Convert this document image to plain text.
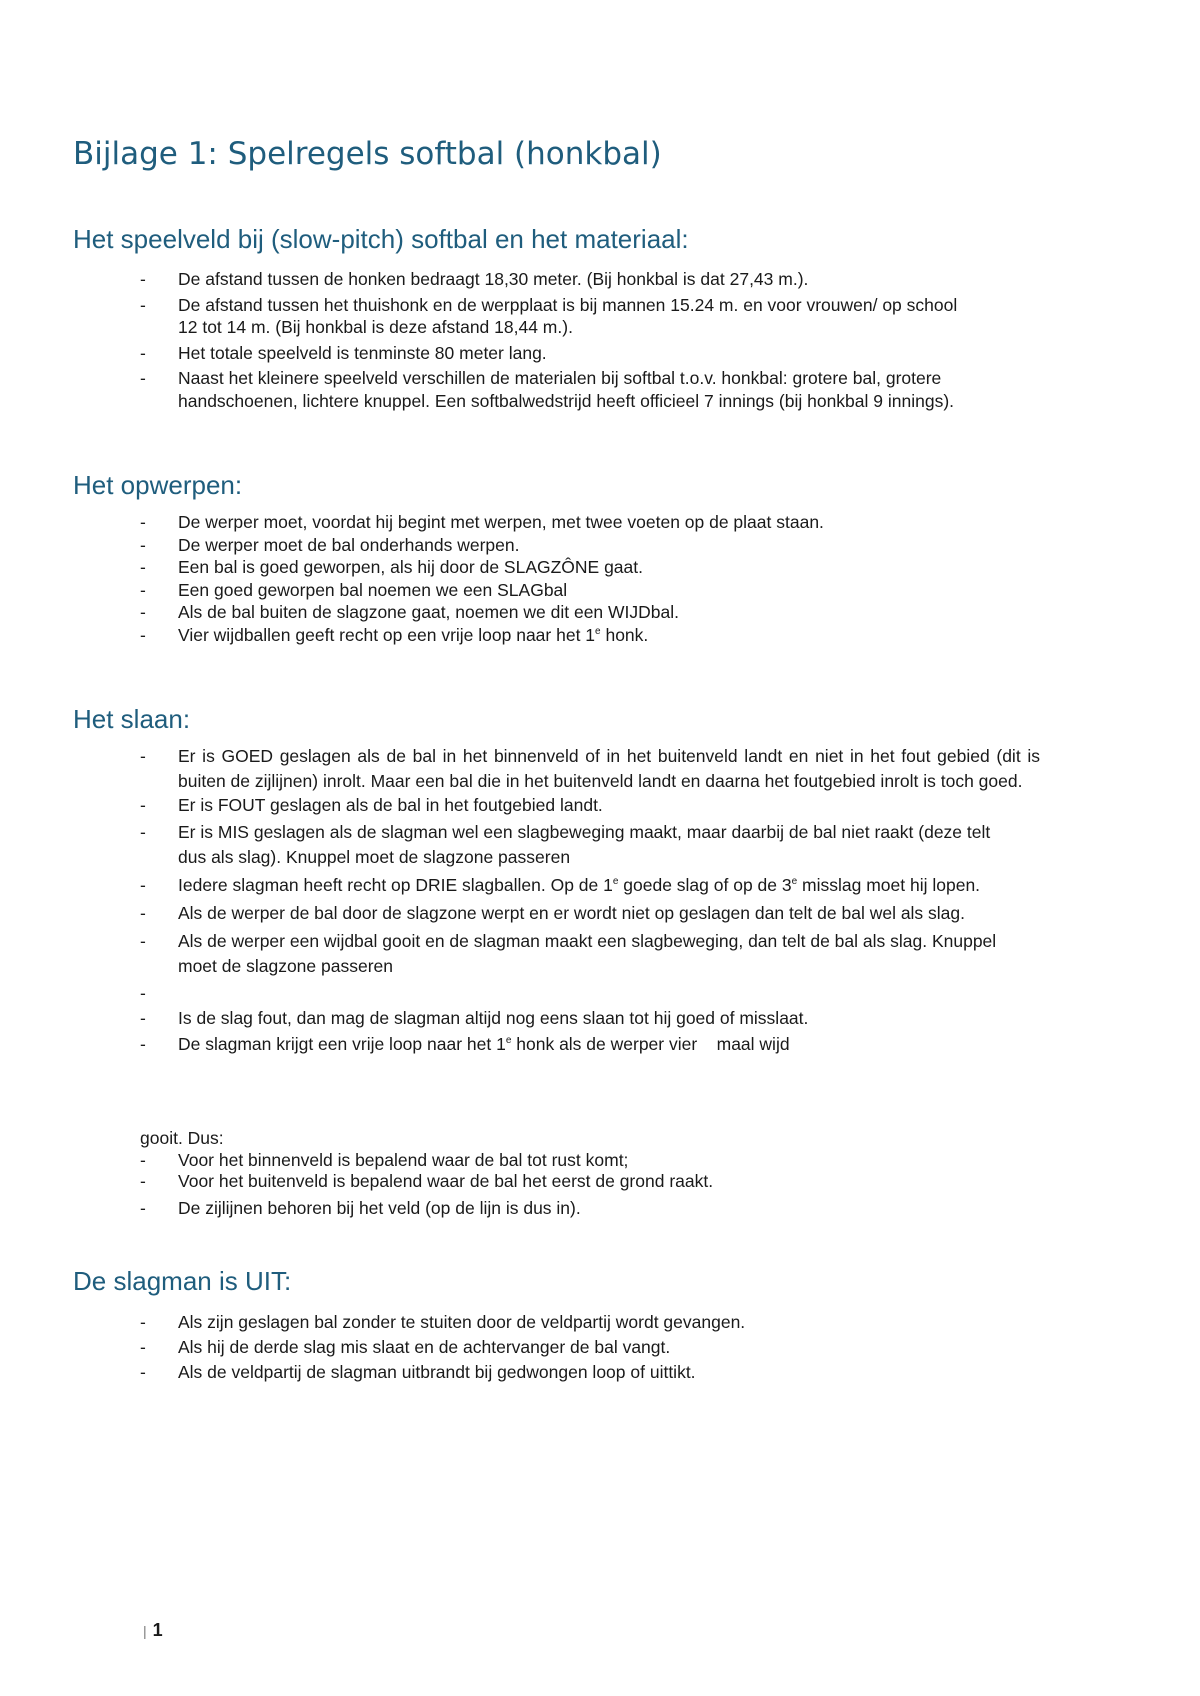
Bijlage 1: Spelregels softbal (honkbal)
Het speelveld bij (slow-pitch) softbal en het materiaal:
- De afstand tussen de honken bedraagt 18,30 meter. (Bij honkbal is dat 27,43 m.).
- De afstand tussen het thuishonk en de werpplaat is bij mannen 15.24 m. en voor vrouwen/ op school 12 tot 14 m. (Bij honkbal is deze afstand 18,44 m.).
- Het totale speelveld is tenminste 80 meter lang.
- Naast het kleinere speelveld verschillen de materialen bij softbal t.o.v. honkbal: grotere bal, grotere handschoenen, lichtere knuppel. Een softbalwedstrijd heeft officieel 7 innings (bij honkbal 9 innings).
Het opwerpen:
- De werper moet, voordat hij begint met werpen, met twee voeten op de plaat staan.
- De werper moet de bal onderhands werpen.
- Een bal is goed geworpen, als hij door de SLAGZÔNE gaat.
- Een goed geworpen bal noemen we een SLAGbal
- Als de bal buiten de slagzone gaat, noemen we dit een WIJDbal.
- Vier wijdballen geeft recht op een vrije loop naar het 1e honk.
Het slaan:
- Er is GOED geslagen als de bal in het binnenveld of in het buitenveld landt en niet in het fout gebied (dit is buiten de zijlijnen) inrolt. Maar een bal die in het buitenveld landt en daarna het foutgebied inrolt is toch goed.
- Er is FOUT geslagen als de bal in het foutgebied landt.
- Er is MIS geslagen als de slagman wel een slagbeweging maakt, maar daarbij de bal niet raakt (deze telt dus als slag). Knuppel moet de slagzone passeren
- Iedere slagman heeft recht op DRIE slagballen. Op de 1e goede slag of op de 3e misslag moet hij lopen.
- Als de werper de bal door de slagzone werpt en er wordt niet op geslagen dan telt de bal wel als slag.
- Als de werper een wijdbal gooit en de slagman maakt een slagbeweging, dan telt de bal als slag. Knuppel moet de slagzone passeren
-

- Is de slag fout, dan mag de slagman altijd nog eens slaan tot hij goed of misslaat.
- De slagman krijgt een vrije loop naar het 1e honk als de werper vier    maal wijd
gooit. Dus:
- Voor het binnenveld is bepalend waar de bal tot rust komt;
- Voor het buitenveld is bepalend waar de bal het eerst de grond raakt.
- De zijlijnen behoren bij het veld (op de lijn is dus in).
De slagman is UIT:
- Als zijn geslagen bal zonder te stuiten door de veldpartij wordt gevangen.
- Als hij de derde slag mis slaat en de achtervanger de bal vangt.
- Als de veldpartij de slagman uitbrandt bij gedwongen loop of uittikt.
| 1
